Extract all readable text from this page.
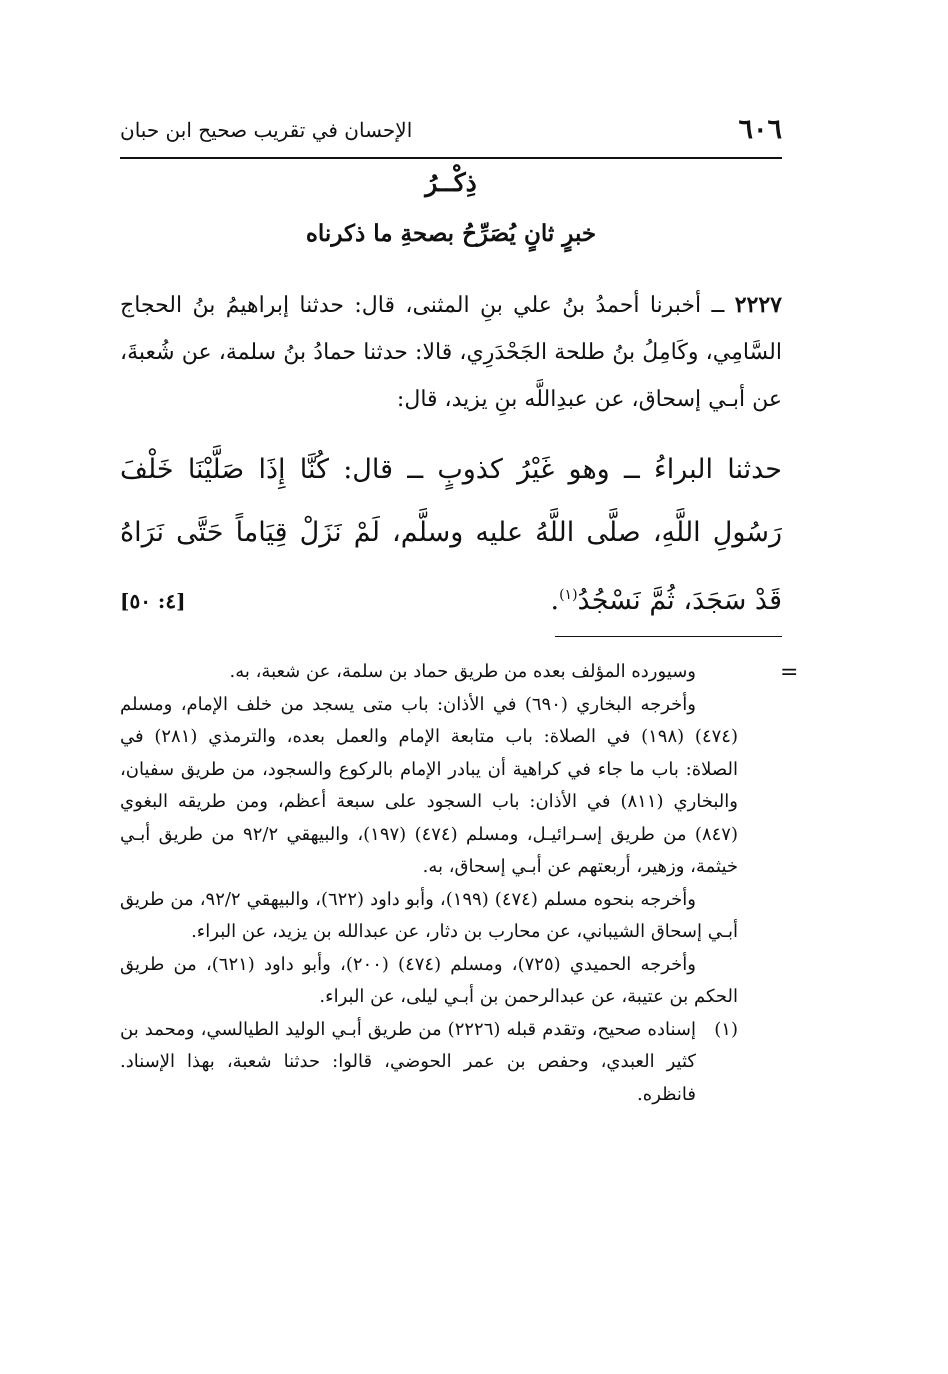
٦٠٦
الإحسان في تقريب صحيح ابن حبان
ذِكْــرُ
خبرٍ ثانٍ يُصَرِّحُ بصحةِ ما ذكرناه

٢٢٢٧ ــ أخبرنا أحمدُ بنُ علي بنِ المثنى، قال: حدثنا إبراهيمُ بنُ الحجاج السَّامِي، وكَامِلُ بنُ طلحة الجَحْدَرِي، قالا: حدثنا حمادُ بنُ سلمة، عن شُعبةَ، عن أبـي إسحاق، عن عبدِاللَّه بنِ يزيد، قال:

حدثنا البراءُ ــ وهو غَيْرُ كذوبٍ ــ قال: كُنَّا إِذَا صَلَّيْنَا خَلْفَ رَسُولِ اللَّهِ، صلَّى اللَّهُ عليه وسلَّم، لَمْ نَزَلْ قِيَاماً حَتَّى نَرَاهُ قَدْ سَجَدَ، ثُمَّ نَسْجُدُ$^{(١)}$.
[٤: ٥٠]

=

وسيورده المؤلف بعده من طريق حماد بن سلمة، عن شعبة، به.

وأخرجه البخاري (٦٩٠) في الأذان: باب متى يسجد من خلف الإمام، ومسلم (٤٧٤) (١٩٨) في الصلاة: باب متابعة الإمام والعمل بعده، والترمذي (٢٨١) في الصلاة: باب ما جاء في كراهية أن يبادر الإمام بالركوع والسجود، من طريق سفيان، والبخاري (٨١١) في الأذان: باب السجود على سبعة أعظم، ومن طريقه البغوي (٨٤٧) من طريق إسـرائيـل، ومسلم (٤٧٤) (١٩٧)، والبيهقي ٩٢/٢ من طريق أبـي خيثمة، وزهير، أربعتهم عن أبـي إسحاق، به.

وأخرجه بنحوه مسلم (٤٧٤) (١٩٩)، وأبو داود (٦٢٢)، والبيهقي ٩٢/٢، من طريق أبـي إسحاق الشيباني، عن محارب بن دثار، عن عبدالله بن يزيد، عن البراء.

وأخرجه الحميدي (٧٢٥)، ومسلم (٤٧٤) (٢٠٠)، وأبو داود (٦٢١)، من طريق الحكم بن عتيبة، عن عبدالرحمن بن أبـي ليلى، عن البراء.

(١)
إسناده صحيح، وتقدم قبله (٢٢٢٦) من طريق أبـي الوليد الطيالسي، ومحمد بن كثير العبدي، وحفص بن عمر الحوضي، قالوا: حدثنا شعبة، بهذا الإسناد. فانظره.
